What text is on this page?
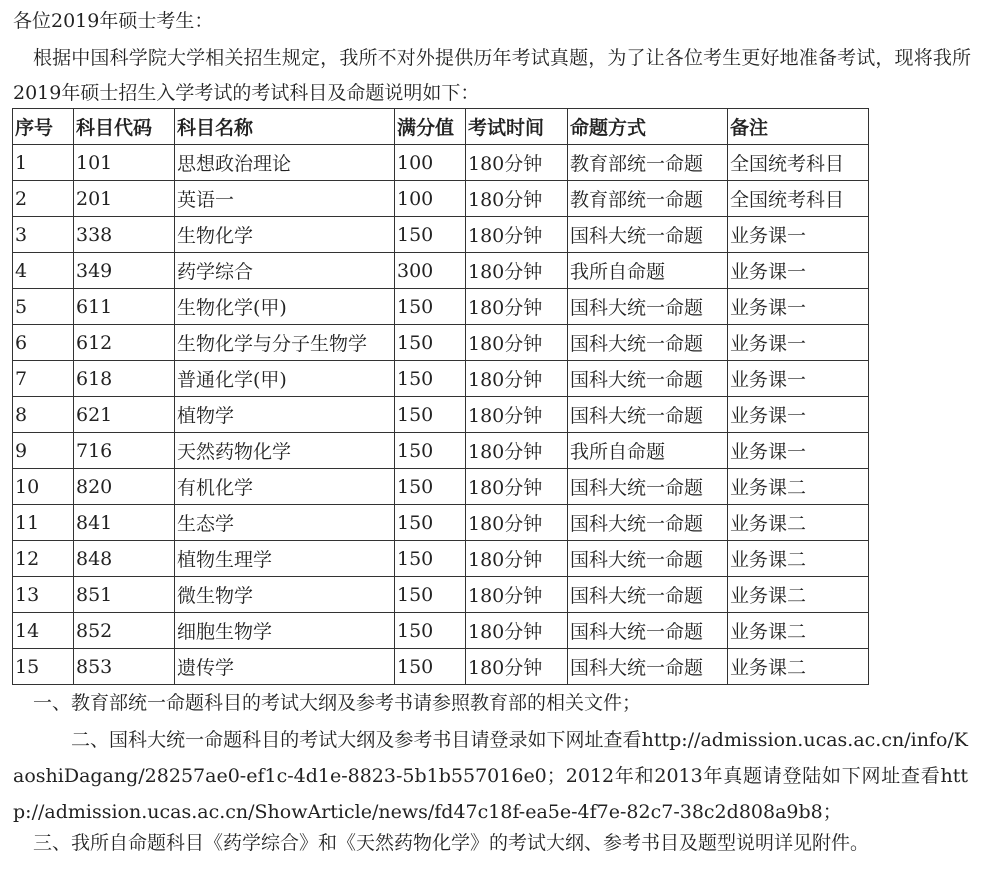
各位2019年硕士考生：
根据中国科学院大学相关招生规定，我所不对外提供历年考试真题，为了让各位考生更好地准备考试，现将我所2019年硕士招生入学考试的考试科目及命题说明如下：
序号	科目代码	科目名称	满分值	考试时间	命题方式	备注
1	101	思想政治理论	100	180分钟	教育部统一命题	全国统考科目
2	201	英语一	100	180分钟	教育部统一命题	全国统考科目
3	338	生物化学	150	180分钟	国科大统一命题	业务课一
4	349	药学综合	300	180分钟	我所自命题	业务课一
5	611	生物化学(甲)	150	180分钟	国科大统一命题	业务课一
6	612	生物化学与分子生物学	150	180分钟	国科大统一命题	业务课一
7	618	普通化学(甲)	150	180分钟	国科大统一命题	业务课一
8	621	植物学	150	180分钟	国科大统一命题	业务课一
9	716	天然药物化学	150	180分钟	我所自命题	业务课一
10	820	有机化学	150	180分钟	国科大统一命题	业务课二
11	841	生态学	150	180分钟	国科大统一命题	业务课二
12	848	植物生理学	150	180分钟	国科大统一命题	业务课二
13	851	微生物学	150	180分钟	国科大统一命题	业务课二
14	852	细胞生物学	150	180分钟	国科大统一命题	业务课二
15	853	遗传学	150	180分钟	国科大统一命题	业务课二
一、教育部统一命题科目的考试大纲及参考书请参照教育部的相关文件；
二、国科大统一命题科目的考试大纲及参考书目请登录如下网址查看http://admission.ucas.ac.cn/info/KaoshiDagang/28257ae0-ef1c-4d1e-8823-5b1b557016e0；2012年和2013年真题请登陆如下网址查看http://admission.ucas.ac.cn/ShowArticle/news/fd47c18f-ea5e-4f7e-82c7-38c2d808a9b8；
三、我所自命题科目《药学综合》和《天然药物化学》的考试大纲、参考书目及题型说明详见附件。
